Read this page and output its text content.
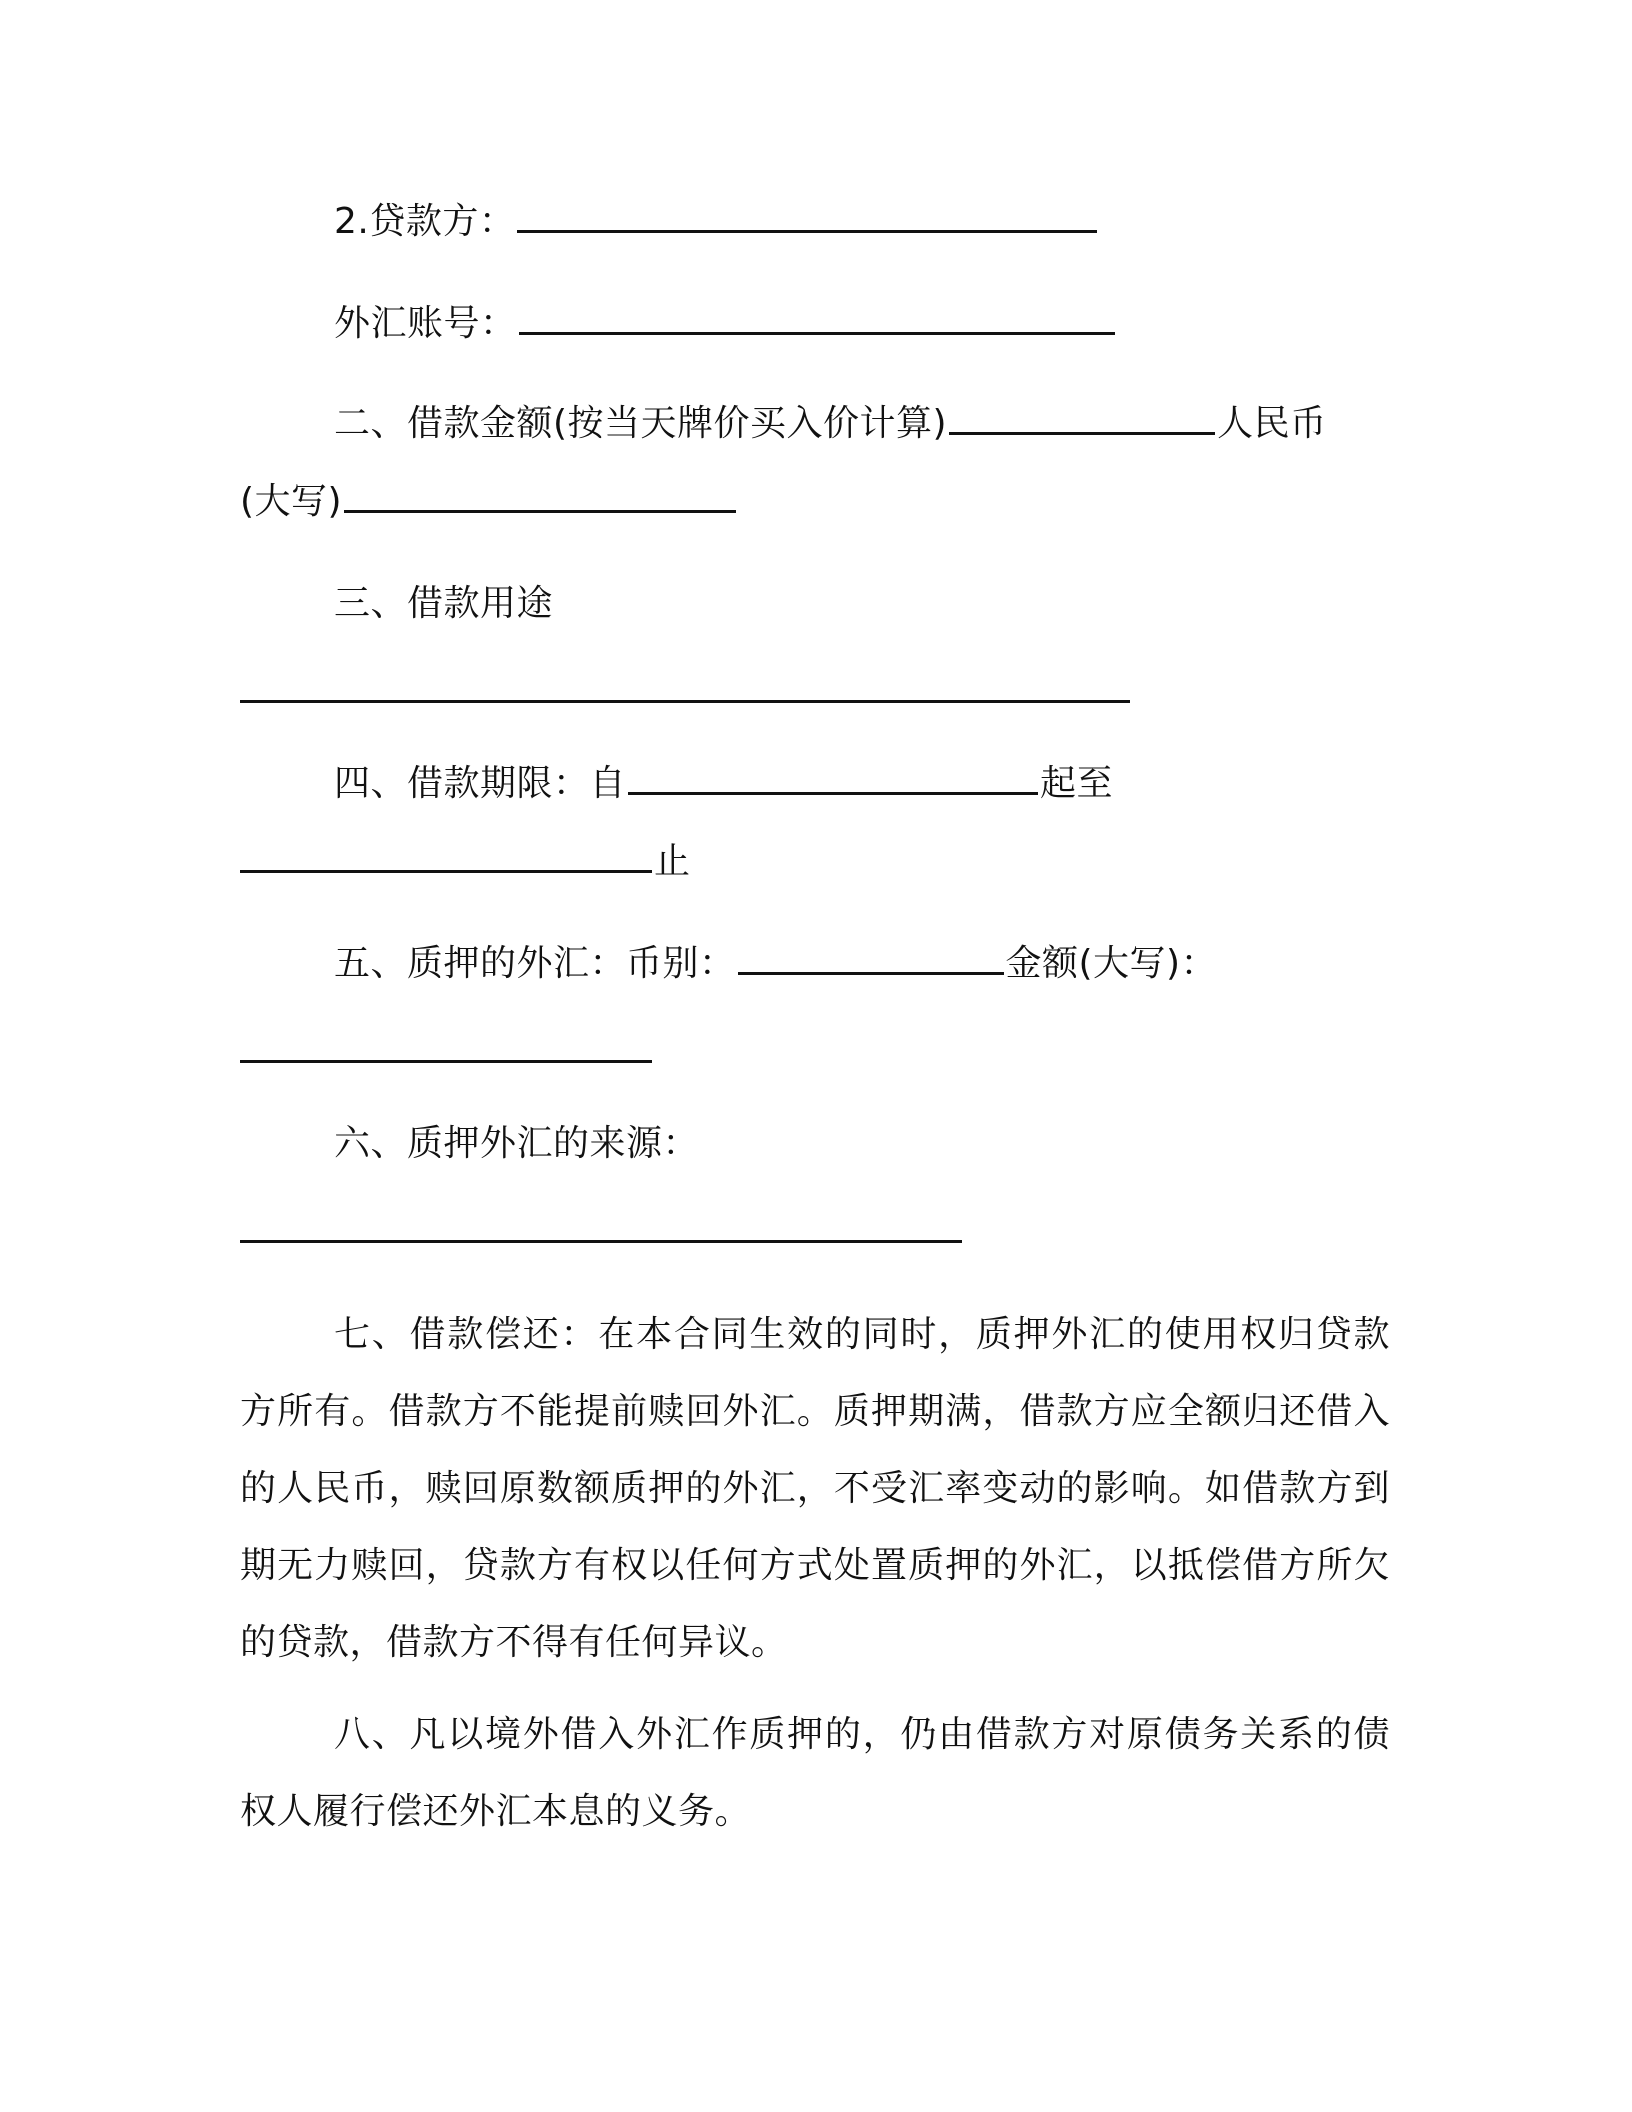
2.贷款方：
外汇账号：
二、借款金额(按当天牌价买入价计算)	人民币
(大写)
三、借款用途
四、借款期限：自	起至
止
五、质押的外汇：币别：	金额(大写)：
六、质押外汇的来源：
七、借款偿还：在本合同生效的同时，质押外汇的使用权归贷款方所有。借款方不能提前赎回外汇。质押期满，借款方应全额归还借入的人民币，赎回原数额质押的外汇，不受汇率变动的影响。如借款方到期无力赎回，贷款方有权以任何方式处置质押的外汇，以抵偿借方所欠的贷款，借款方不得有任何异议。
八、凡以境外借入外汇作质押的，仍由借款方对原债务关系的债权人履行偿还外汇本息的义务。
